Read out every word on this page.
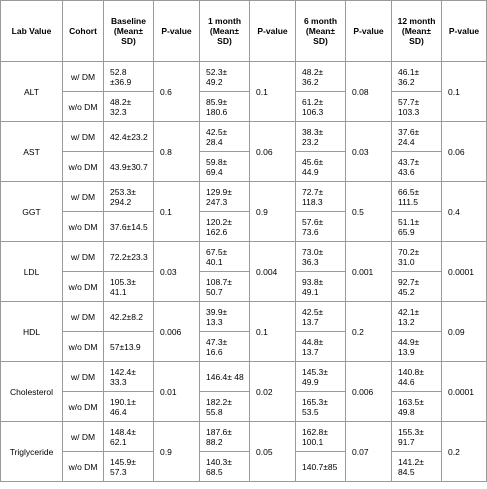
Lab Value	Cohort	Baseline (Mean± SD)	P-value	1 month (Mean± SD)	P-value	6 month (Mean± SD)	P-value	12 month (Mean± SD)	P-value
ALT	w/ DM	52.8 ±36.9	0.6	52.3± 49.2	0.1	48.2± 36.2	0.08	46.1± 36.2	0.1
	w/o DM	48.2± 32.3		85.9± 180.6		61.2± 106.3		57.7± 103.3	

AST	w/ DM	42.4±23.2	0.8	42.5± 28.4	0.06	38.3± 23.2	0.03	37.6± 24.4	0.06
	w/o DM	43.9±30.7		59.8± 69.4		45.6± 44.9		43.7± 43.6	

GGT	w/ DM	253.3± 294.2	0.1	129.9± 247.3	0.9	72.7± 118.3	0.5	66.5± 111.5	0.4
	w/o DM	37.6±14.5		120.2± 162.6		57.6± 73.6		51.1± 65.9	

LDL	w/ DM	72.2±23.3	0.03	67.5± 40.1	0.004	73.0± 36.3	0.001	70.2± 31.0	0.0001
	w/o DM	105.3± 41.1		108.7± 50.7		93.8± 49.1		92.7± 45.2	

HDL	w/ DM	42.2±8.2	0.006	39.9± 13.3	0.1	42.5± 13.7	0.2	42.1± 13.2	0.09
	w/o DM	57±13.9		47.3± 16.6		44.8± 13.7		44.9± 13.9	

Cholesterol	w/ DM	142.4± 33.3	0.01	146.4± 48	0.02	145.3± 49.9	0.006	140.8± 44.6	0.0001
	w/o DM	190.1± 46.4		182.2± 55.8		165.3± 53.5		163.5± 49.8	

Triglyceride	w/ DM	148.4± 62.1	0.9	187.6± 88.2	0.05	162.8± 100.1	0.07	155.3± 91.7	0.2
	w/o DM	145.9± 57.3		140.3± 68.5		140.7±85		141.2± 84.5	
